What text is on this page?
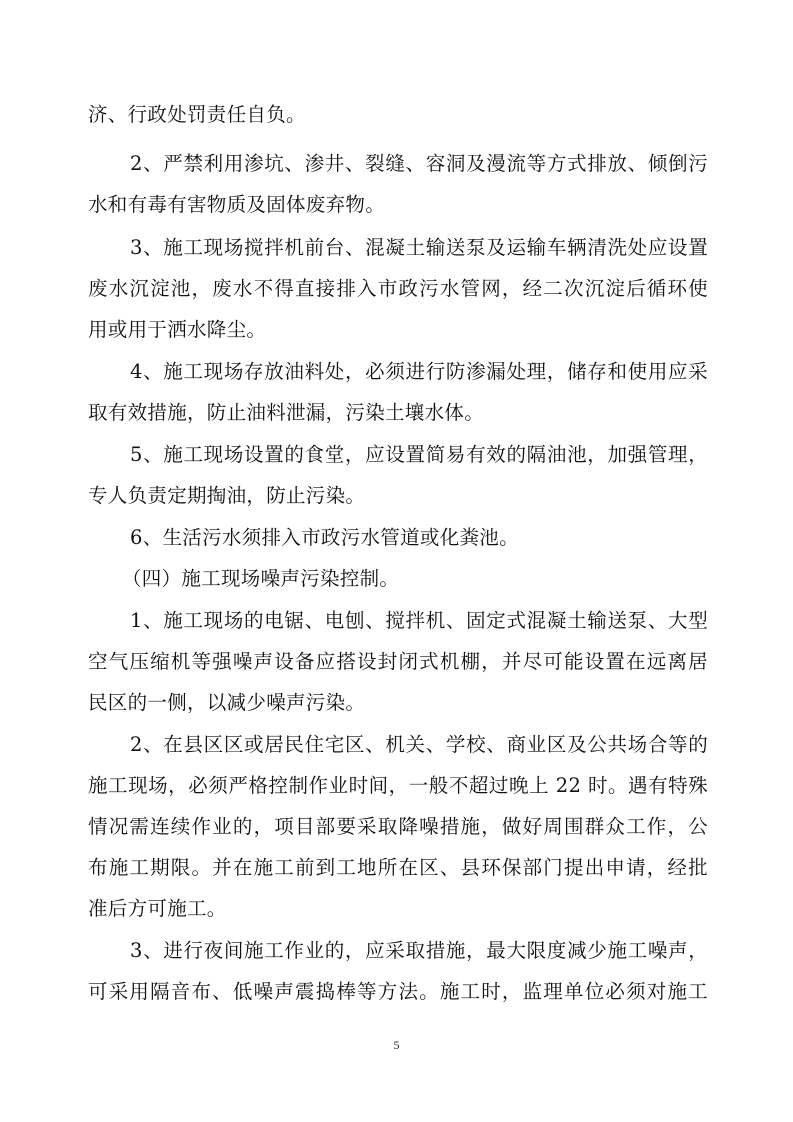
济、行政处罚责任自负。
2、严禁利用渗坑、渗井、裂缝、容洞及漫流等方式排放、倾倒污
水和有毒有害物质及固体废弃物。
3、施工现场搅拌机前台、混凝土输送泵及运输车辆清洗处应设置
废水沉淀池，废水不得直接排入市政污水管网，经二次沉淀后循环使
用或用于洒水降尘。
4、施工现场存放油料处，必须进行防渗漏处理，储存和使用应采
取有效措施，防止油料泄漏，污染土壤水体。
5、施工现场设置的食堂，应设置简易有效的隔油池，加强管理，
专人负责定期掏油，防止污染。
6、生活污水须排入市政污水管道或化粪池。
（四）施工现场噪声污染控制。
1、施工现场的电锯、电刨、搅拌机、固定式混凝土输送泵、大型
空气压缩机等强噪声设备应搭设封闭式机棚，并尽可能设置在远离居
民区的一侧，以减少噪声污染。
2、在县区区或居民住宅区、机关、学校、商业区及公共场合等的
施工现场，必须严格控制作业时间，一般不超过晚上 22 时。遇有特殊
情况需连续作业的，项目部要采取降噪措施，做好周围群众工作，公
布施工期限。并在施工前到工地所在区、县环保部门提出申请，经批
准后方可施工。
3、进行夜间施工作业的，应采取措施，最大限度减少施工噪声，
可采用隔音布、低噪声震捣棒等方法。施工时，监理单位必须对施工
5
